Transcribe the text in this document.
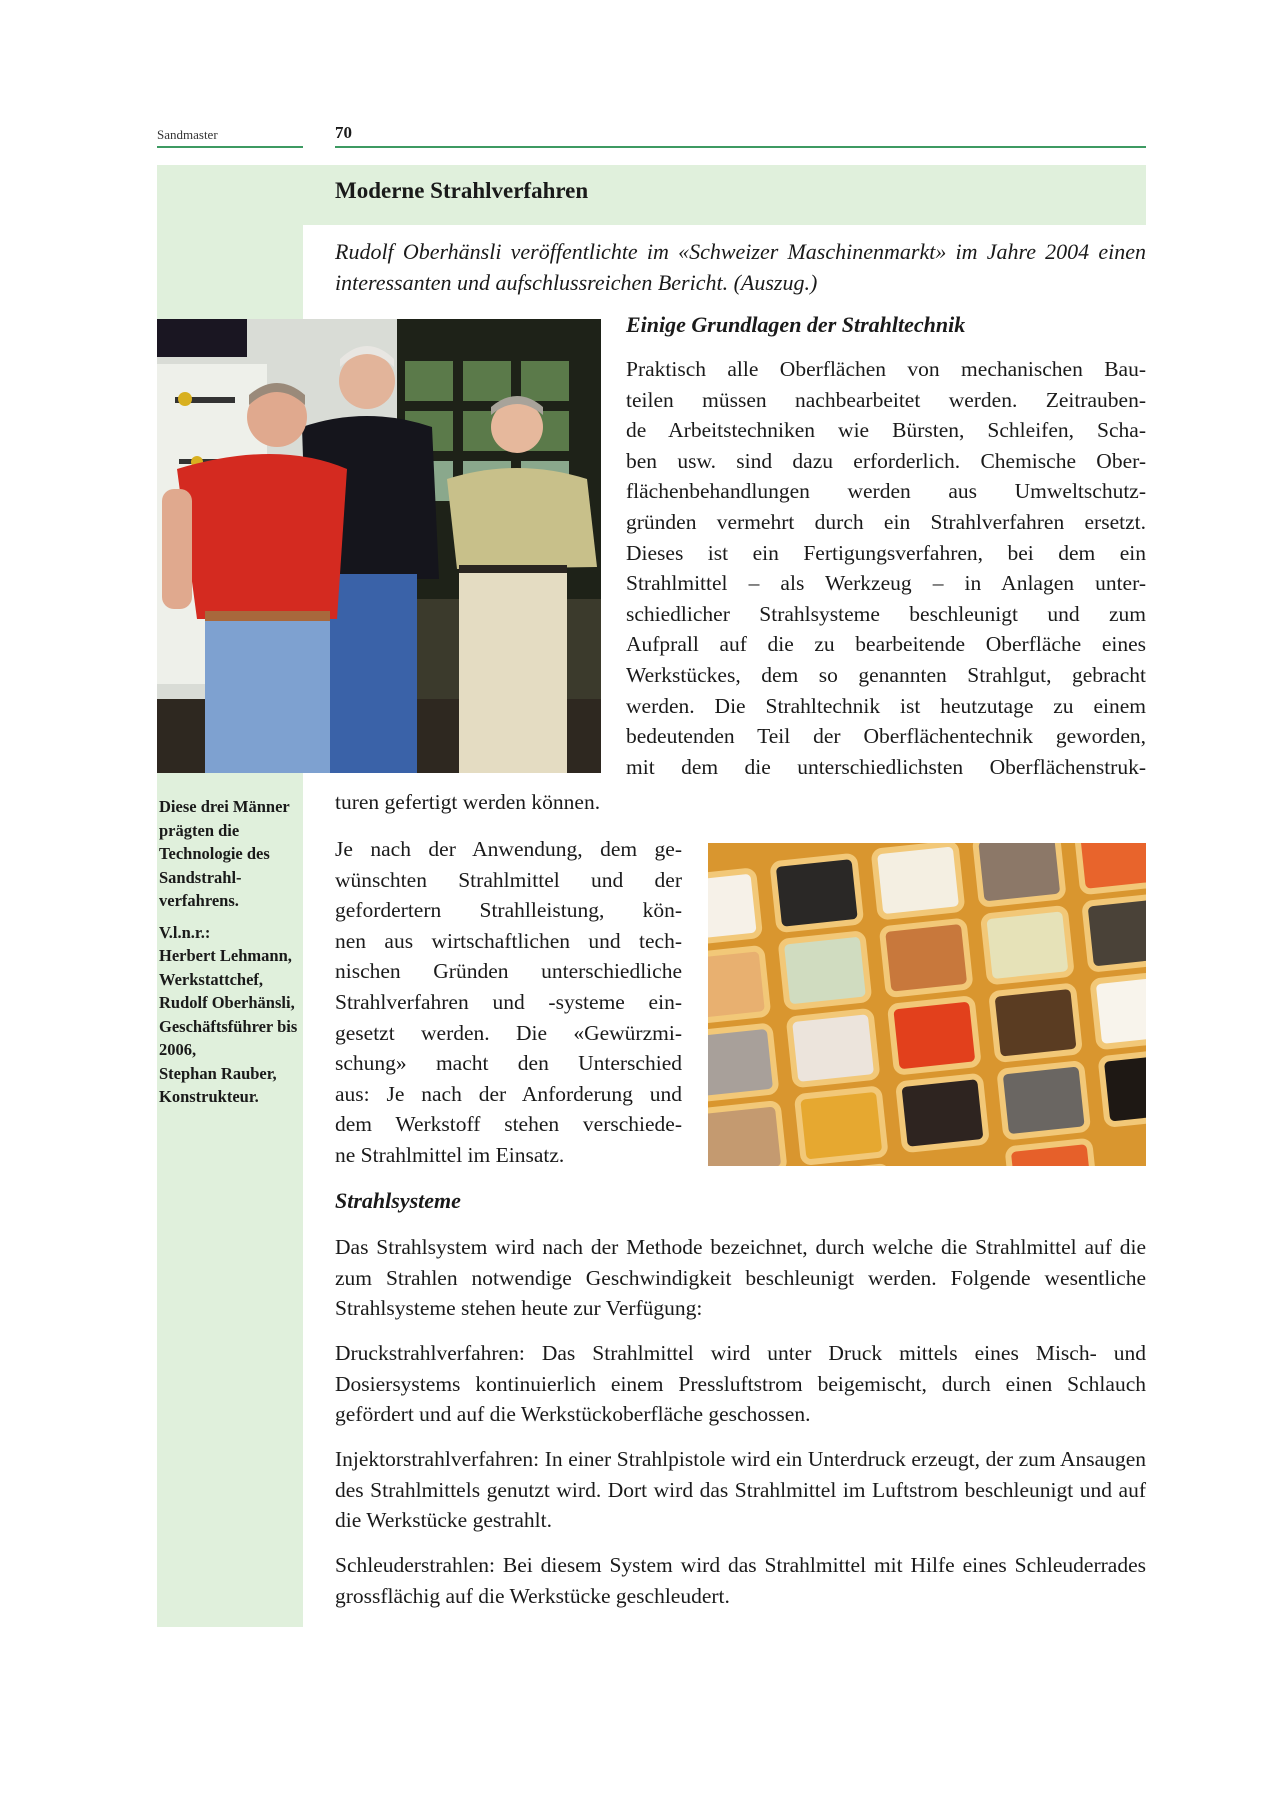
Sandmaster	70
Moderne Strahlverfahren

Rudolf Oberhänsli veröffentlichte im «Schweizer Maschinenmarkt» im Jahre 2004 einen interessanten und aufschlussreichen Bericht. (Auszug.)

Einige Grundlagen der Strahltechnik
Praktisch alle Oberflächen von mechanischen Bau-
teilen müssen nachbearbeitet werden. Zeitrauben-
de Arbeitstechniken wie Bürsten, Schleifen, Scha-
ben usw. sind dazu erforderlich. Chemische Ober-
flächenbehandlungen werden aus Umweltschutz-
gründen vermehrt durch ein Strahlverfahren ersetzt.
Dieses ist ein Fertigungsverfahren, bei dem ein
Strahlmittel – als Werkzeug – in Anlagen unter-
schiedlicher Strahlsysteme beschleunigt und zum
Aufprall auf die zu bearbeitende Oberfläche eines
Werkstückes, dem so genannten Strahlgut, gebracht
werden. Die Strahltechnik ist heutzutage zu einem
bedeutenden Teil der Oberflächentechnik geworden,
mit dem die unterschiedlichsten Oberflächenstruk-
turen gefertigt werden können.

Diese drei Männer prägten die Technologie des Sandstrahlverfahrens.

V.l.n.r.:
Herbert Lehmann, Werkstattchef,
Rudolf Oberhänsli, Geschäftsführer bis 2006,
Stephan Rauber, Konstrukteur.
Je nach der Anwendung, dem ge-
wünschten Strahlmittel und der
gefordertern Strahlleistung, kön-
nen aus wirtschaftlichen und tech-
nischen Gründen unterschiedliche
Strahlverfahren und -systeme ein-
gesetzt werden. Die «Gewürzmi-
schung» macht den Unterschied
aus: Je nach der Anforderung und
dem Werkstoff stehen verschiede-
ne Strahlmittel im Einsatz.
Strahlsysteme

Das Strahlsystem wird nach der Methode bezeichnet, durch welche die Strahlmittel auf die zum Strahlen notwendige Geschwindigkeit beschleunigt werden. Folgende wesentliche Strahlsysteme stehen heute zur Verfügung:

Druckstrahlverfahren: Das Strahlmittel wird unter Druck mittels eines Misch- und Dosiersystems kontinuierlich einem Pressluftstrom beigemischt, durch einen Schlauch gefördert und auf die Werkstückoberfläche geschossen.

Injektorstrahlverfahren: In einer Strahlpistole wird ein Unterdruck erzeugt, der zum Ansaugen des Strahlmittels genutzt wird. Dort wird das Strahlmittel im Luftstrom beschleunigt und auf die Werkstücke gestrahlt.

Schleuderstrahlen: Bei diesem System wird das Strahlmittel mit Hilfe eines Schleuderrades grossflächig auf die Werkstücke geschleudert.
